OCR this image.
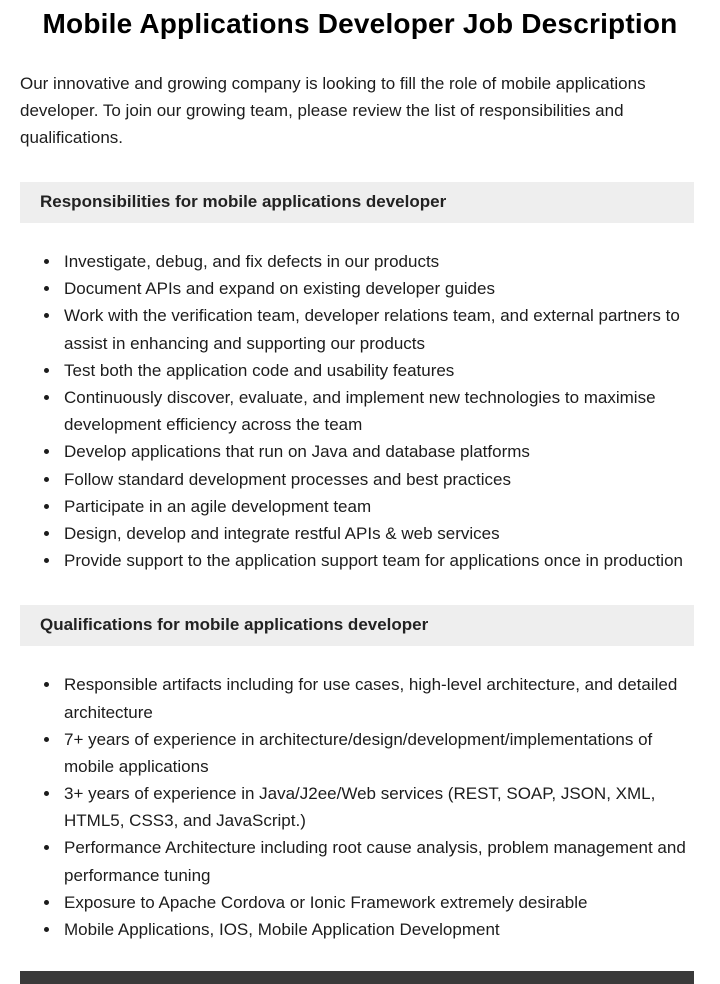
Mobile Applications Developer Job Description

Our innovative and growing company is looking to fill the role of mobile applications developer. To join our growing team, please review the list of responsibilities and qualifications.

Responsibilities for mobile applications developer
• Investigate, debug, and fix defects in our products
• Document APIs and expand on existing developer guides
• Work with the verification team, developer relations team, and external partners to assist in enhancing and supporting our products
• Test both the application code and usability features
• Continuously discover, evaluate, and implement new technologies to maximise development efficiency across the team
• Develop applications that run on Java and database platforms
• Follow standard development processes and best practices
• Participate in an agile development team
• Design, develop and integrate restful APIs & web services
• Provide support to the application support team for applications once in production
Qualifications for mobile applications developer
• Responsible artifacts including for use cases, high-level architecture, and detailed architecture
• 7+ years of experience in architecture/design/development/implementations of mobile applications
• 3+ years of experience in Java/J2ee/Web services (REST, SOAP, JSON, XML, HTML5, CSS3, and JavaScript.)
• Performance Architecture including root cause analysis, problem management and performance tuning
• Exposure to Apache Cordova or Ionic Framework extremely desirable
• Mobile Applications, IOS, Mobile Application Development
